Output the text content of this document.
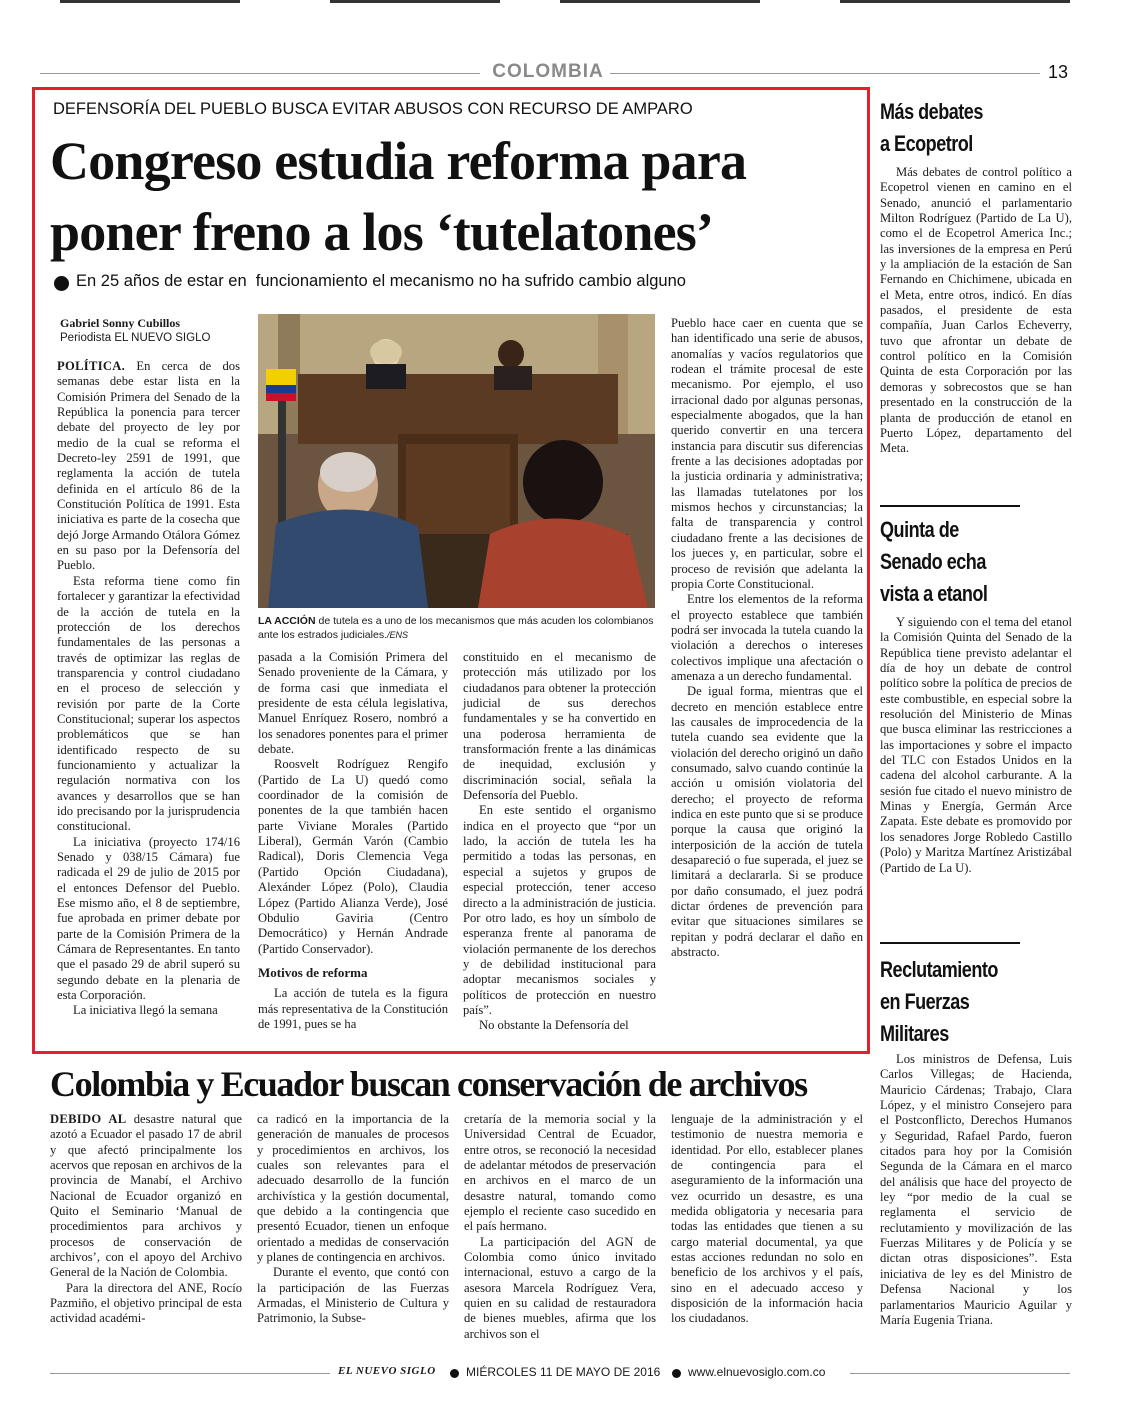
COLOMBIA	13
DEFENSORÍA DEL PUEBLO BUSCA EVITAR ABUSOS CON RECURSO DE AMPARO
Congreso estudia reforma para
poner freno a los ‘tutelatones’
En 25 años de estar en  funcionamiento el mecanismo no ha sufrido cambio alguno
Gabriel Sonny Cubillos
Periodista EL NUEVO SIGLO

POLÍTICA. En cerca de dos semanas debe estar lista en la Comisión Primera del Senado de la República la ponencia para tercer debate del proyecto de ley por medio de la cual se reforma el Decreto-ley 2591 de 1991, que reglamenta la acción de tutela definida en el artículo 86 de la Constitución Política de 1991. Esta iniciativa es parte de la cosecha que dejó Jorge Armando Otálora Gómez en su paso por la Defensoría del Pueblo.

Esta reforma tiene como fin fortalecer y garantizar la efectividad de la acción de tutela en la protección de los derechos fundamentales de las personas a través de optimizar las reglas de transparencia y control ciudadano en el proceso de selección y revisión por parte de la Corte Constitucional; superar los aspectos problemáticos que se han identificado respecto de su funcionamiento y actualizar la regulación normativa con los avances y desarrollos que se han ido precisando por la jurisprudencia constitucional.

La iniciativa (proyecto 174/16 Senado y 038/15 Cámara) fue radicada el 29 de julio de 2015 por el entonces Defensor del Pueblo. Ese mismo año, el 8 de septiembre, fue aprobada en primer debate por parte de la Comisión Primera de la Cámara de Representantes. En tanto que el pasado 29 de abril superó su segundo debate en la plenaria de esta Corporación.

La iniciativa llegó la semana

LA ACCIÓN de tutela es a uno de los mecanismos que más acuden los colombianos ante los estrados judiciales./ENS

pasada a la Comisión Primera del Senado proveniente de la Cámara, y de forma casi que inmediata el presidente de esta célula legislativa, Manuel Enríquez Rosero, nombró a los senadores ponentes para el primer debate.

Roosvelt Rodríguez Rengifo (Partido de La U) quedó como coordinador de la comisión de ponentes de la que también hacen parte Viviane Morales (Partido Liberal), Germán Varón (Cambio Radical), Doris Clemencia Vega (Partido Opción Ciudadana), Alexánder López (Polo), Claudia López (Partido Alianza Verde), José Obdulio Gaviria (Centro Democrático) y Hernán Andrade (Partido Conservador).

Motivos de reforma

La acción de tutela es la figura más representativa de la Constitución de 1991, pues se ha

constituido en el mecanismo de protección más utilizado por los ciudadanos para obtener la protección judicial de sus derechos fundamentales y se ha convertido en una poderosa herramienta de transformación frente a las dinámicas de inequidad, exclusión y discriminación social, señala la Defensoría del Pueblo.

En este sentido el organismo indica en el proyecto que “por un lado, la acción de tutela les ha permitido a todas las personas, en especial a sujetos y grupos de especial protección, tener acceso directo a la administración de justicia. Por otro lado, es hoy un símbolo de esperanza frente al panorama de violación permanente de los derechos y de debilidad institucional para adoptar mecanismos sociales y políticos de protección en nuestro país”.

No obstante la Defensoría del

Pueblo hace caer en cuenta que se han identificado una serie de abusos, anomalías y vacíos regulatorios que rodean el trámite procesal de este mecanismo. Por ejemplo, el uso irracional dado por algunas personas, especialmente abogados, que la han querido convertir en una tercera instancia para discutir sus diferencias frente a las decisiones adoptadas por la justicia ordinaria y administrativa; las llamadas tutelatones por los mismos hechos y circunstancias; la falta de transparencia y control ciudadano frente a las decisiones de los jueces y, en particular, sobre el proceso de revisión que adelanta la propia Corte Constitucional.

Entre los elementos de la reforma el proyecto establece que también podrá ser invocada la tutela cuando la violación a derechos o intereses colectivos implique una afectación o amenaza a un derecho fundamental.

De igual forma, mientras que el decreto en mención establece entre las causales de improcedencia de la tutela cuando sea evidente que la violación del derecho originó un daño consumado, salvo cuando continúe la acción u omisión violatoria del derecho; el proyecto de reforma indica en este punto que si se produce porque la causa que originó la interposición de la acción de tutela desapareció o fue superada, el juez se limitará a declararla. Si se produce por daño consumado, el juez podrá dictar órdenes de prevención para evitar que situaciones similares se repitan y podrá declarar el daño en abstracto.

Más debates
a Ecopetrol

Más debates de control político a Ecopetrol vienen en camino en el Senado, anunció el parlamentario Milton Rodríguez (Partido de La U), como el de Ecopetrol America Inc.; las inversiones de la empresa en Perú y la ampliación de la estación de San Fernando en Chichimene, ubicada en el Meta, entre otros, indicó. En días pasados, el presidente de esta compañía, Juan Carlos Echeverry, tuvo que afrontar un debate de control político en la Comisión Quinta de esta Corporación por las demoras y sobrecostos que se han presentado en la construcción de la planta de producción de etanol en Puerto López, departamento del Meta.

Quinta de
Senado echa
vista a etanol

Y siguiendo con el tema del etanol la Comisión Quinta del Senado de la República tiene previsto adelantar el día de hoy un debate de control político sobre la política de precios de este combustible, en especial sobre la resolución del Ministerio de Minas que busca eliminar las restricciones a las importaciones y sobre el impacto del TLC con Estados Unidos en la cadena del alcohol carburante. A la sesión fue citado el nuevo ministro de Minas y Energía, Germán Arce Zapata. Este debate es promovido por los senadores Jorge Robledo Castillo (Polo) y Maritza Martínez Aristizábal (Partido de La U).

Reclutamiento
en Fuerzas
Militares

Los ministros de Defensa, Luis Carlos Villegas; de Hacienda, Mauricio Cárdenas; Trabajo, Clara López, y el ministro Consejero para el Postconflicto, Derechos Humanos y Seguridad, Rafael Pardo, fueron citados para hoy por la Comisión Segunda de la Cámara en el marco del análisis que hace del proyecto de ley “por medio de la cual se reglamenta el servicio de reclutamiento y movilización de las Fuerzas Militares y de Policía y se dictan otras disposiciones”. Esta iniciativa de ley es del Ministro de Defensa Nacional y los parlamentarios Mauricio Aguilar y María Eugenia Triana.

Colombia y Ecuador buscan conservación de archivos

DEBIDO AL desastre natural que azotó a Ecuador el pasado 17 de abril y que afectó principalmente los acervos que reposan en archivos de la provincia de Manabí, el Archivo Nacional de Ecuador organizó en Quito el Seminario ‘Manual de procedimientos para archivos y procesos de conservación de archivos’, con el apoyo del Archivo General de la Nación de Colombia.

Para la directora del ANE, Rocío Pazmiño, el objetivo principal de esta actividad académi-

ca radicó en la importancia de la generación de manuales de procesos y procedimientos en archivos, los cuales son relevantes para el adecuado desarrollo de la función archivística y la gestión documental, que debido a la contingencia que presentó Ecuador, tienen un enfoque orientado a medidas de conservación y planes de contingencia en archivos.

Durante el evento, que contó con la participación de las Fuerzas Armadas, el Ministerio de Cultura y Patrimonio, la Subse-

cretaría de la memoria social y la Universidad Central de Ecuador, entre otros, se reconoció la necesidad de adelantar métodos de preservación en archivos en el marco de un desastre natural, tomando como ejemplo el reciente caso sucedido en el país hermano.

La participación del AGN de Colombia como único invitado internacional, estuvo a cargo de la asesora Marcela Rodríguez Vera, quien en su calidad de restauradora de bienes muebles, afirma que los archivos son el

lenguaje de la administración y el testimonio de nuestra memoria e identidad. Por ello, establecer planes de contingencia para el aseguramiento de la información una vez ocurrido un desastre, es una medida obligatoria y necesaria para todas las entidades que tienen a su cargo material documental, ya que estas acciones redundan no solo en beneficio de los archivos y el país, sino en el adecuado acceso y disposición de la información hacia los ciudadanos.

EL NUEVO SIGLO	MIÉRCOLES 11 DE MAYO DE 2016 www.elnuevosiglo.com.co
